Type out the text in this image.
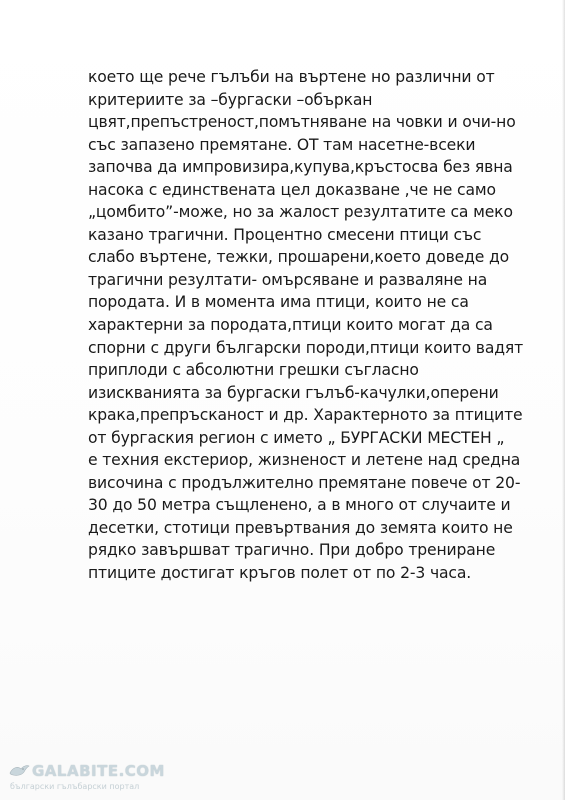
което ще рече гълъби на въртене но различни от
критериите за –бургаски –объркан
цвят,препъстреност,помътняване на човки и очи-но
със запазено премятане. ОТ там насетне-всеки
започва да импровизира,купува,кръстосва без явна
насока с единствената цел доказване ,че не само
„цомбито”-може, но за жалост резултатите са меко
казано трагични. Процентно смесени птици със
слабо въртене, тежки, прошарени,което доведе до
трагични резултати- омърсяване и разваляне на
породата. И в момента има птици, които не са
характерни за породата,птици които могат да са
спорни с други български породи,птици които вадят
приплоди с абсолютни грешки съгласно
изискванията за бургаски гълъб-качулки,оперени
крака,препръсканост и др. Характерното за птиците
от бургаския регион с името „ БУРГАСКИ МЕСТЕН „
е техния екстериор, жизненост и летене над средна
височина с продължително премятане повече от 20-
30 до 50 метра същленено, а в много от случаите и
десетки, стотици превъртвания до земята които не
рядко завършват трагично. При добро трениране
птиците достигат кръгов полет от по 2-3 часа.
GALABITE.COM
български гълъбарски портал
